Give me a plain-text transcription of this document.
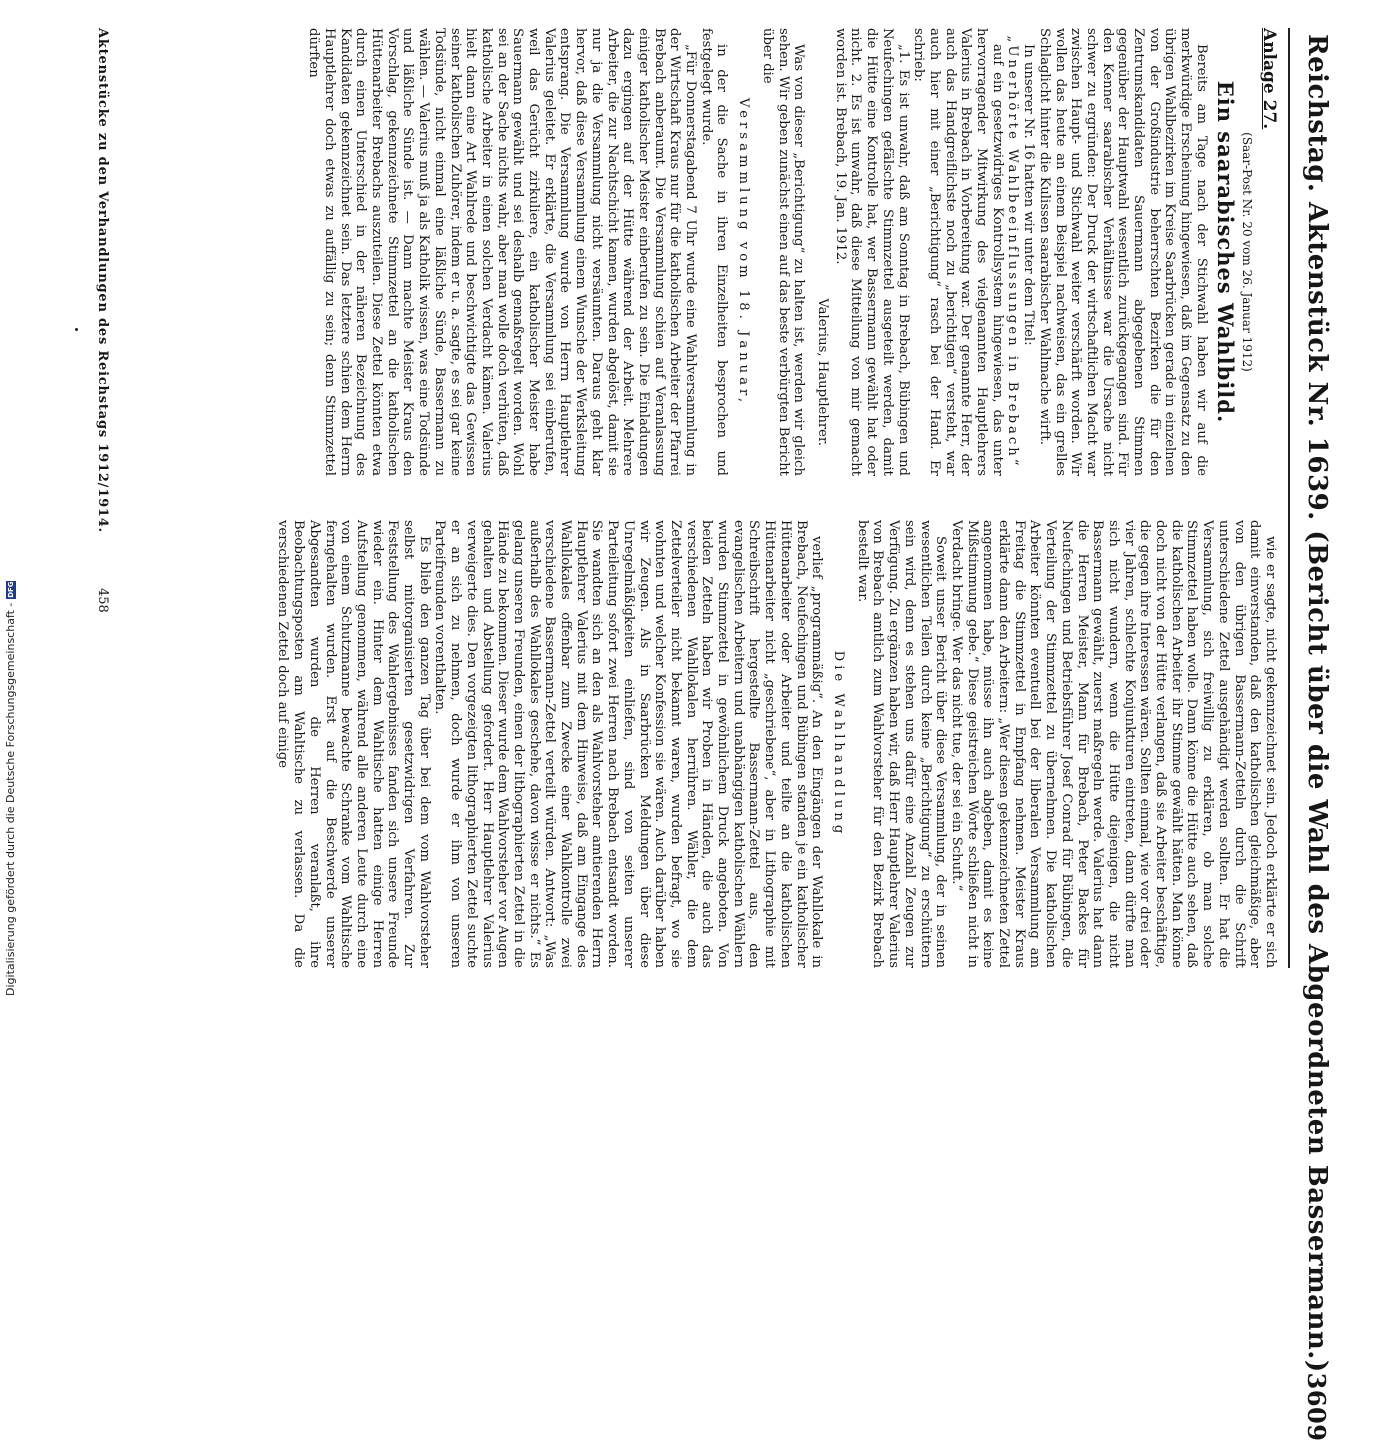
Reichstag. Aktenstück Nr. 1639. (Bericht über die Wahl des Abgeordneten Bassermann.)
3609
Anlage 27.
(Saar-Post Nr. 20 vom 26. Januar 1912)
Ein saarabisches Wahlbild.

Bereits am Tage nach der Stichwahl haben wir auf die merkwürdige Erscheinung hingewiesen, daß im Gegensatz zu den übrigen Wahlbezirken im Kreise Saarbrücken gerade in einzelnen von der Großindustrie beherrschten Bezirken die für den Zentrumskandidaten Sauermann abgegebenen Stimmen gegenüber der Hauptwahl wesentlich zurückgegangen sind. Für den Kenner saarabischer Verhältnisse war die Ursache nicht schwer zu ergründen: Der Druck der wirtschaftlichen Macht war zwischen Haupt- und Stichwahl weiter verschärft worden. Wir wollen das heute an einem Beispiel nachweisen, das ein grelles Schlaglicht hinter die Kulissen saarabischer Wahlmache wirft.

In unserer Nr. 16 hatten wir unter dem Titel:

„Unerhörte Wahlbeeinflussungen in Brebach“

auf ein gesetzwidriges Kontrollsystem hingewiesen, das unter hervorragender Mitwirkung des vielgenannten Hauptlehrers Valerius in Brebach in Vorbereitung war. Der genannte Herr, der auch das Handgreiflichste noch zu „berichtigen“ versteht, war auch hier mit einer „Berichtigung“ rasch bei der Hand. Er schrieb:

„1. Es ist unwahr, daß am Sonntag in Brebach, Bübingen und Neufechingen gefälschte Stimmzettel ausgeteilt werden, damit die Hütte eine Kontrolle hat, wer Bassermann gewählt hat oder nicht. 2. Es ist unwahr, daß diese Mitteilung von mir gemacht worden ist. Brebach, 19. Jan. 1912.

Valerius, Hauptlehrer.

Was von dieser „Berichtigung“ zu halten ist, werden wir gleich sehen. Wir geben zunächst einen auf das beste verbürgten Bericht über die

Versammlung vom 18. Januar,

in der die Sache in ihren Einzelheiten besprochen und festgelegt wurde.

„Für Donnerstagabend 7 Uhr wurde eine Wahlversammlung in der Wirtschaft Kraus nur für die katholischen Arbeiter der Pfarrei Brebach anberaumt. Die Versammlung schien auf Veranlassung einiger katholischer Meister einberufen zu sein. Die Einladungen dazu ergingen auf der Hütte während der Arbeit. Mehrere Arbeiter, die zur Nachtschicht kamen, wurden abgelöst, damit sie nur ja die Versammlung nicht versäumten. Daraus geht klar hervor, daß diese Versammlung einem Wunsche der Werksleitung entsprang. Die Versammlung wurde von Herrn Hauptlehrer Valerius geleitet. Er erklärte, die Versammlung sei einberufen, weil das Gerücht zirkuliere, ein katholischer Meister habe Sauermann gewählt und sei deshalb gemaßregelt worden. Wohl sei an der Sache nichts wahr, aber man wolle doch verhüten, daß katholische Arbeiter in einen solchen Verdacht kämen. Valerius hielt dann eine Art Wahlrede und beschwichtigte das Gewissen seiner katholischen Zuhörer, indem er u. a. sagte, es sei gar keine Todsünde, nicht einmal eine läßliche Sünde, Bassermann zu wählen. — Valerius muß ja als Katholik wissen, was eine Todsünde und läßliche Sünde ist. — Dann machte Meister Kraus den Vorschlag, gekennzeichnete Stimmzettel an die katholischen Hüttenarbeiter Brebachs auszuteilen. Diese Zettel könnten etwa durch einen Unterschied in der näheren Bezeichnung des Kandidaten gekennzeichnet sein. Das letztere schien dem Herrn Hauptlehrer doch etwas zu auffällig zu sein; denn Stimmzettel dürften

wie er sagte, nicht gekennzeichnet sein. Jedoch erklärte er sich damit einverstanden, daß den katholischen gleichmäßige, aber von den übrigen Bassermann-Zetteln durch die Schrift unterschiedene Zettel ausgehändigt werden sollten. Er hat die Versammlung, sich freiwillig zu erklären, ob man solche Stimmzettel haben wolle. Dann könne die Hütte auch sehen, daß die katholischen Arbeiter ihr Stimme gewählt hätten. Man könne doch nicht von der Hütte verlangen, daß sie Arbeiter beschäftige, die gegen ihre Interessen wären. Sollten einmal, wie vor drei oder vier Jahren, schlechte Konjunkturen eintreten, dann dürfte man sich nicht wundern, wenn die Hütte diejenigen, die nicht Bassermann gewählt, zuerst maßregeln werde. Valerius hat dann die Herren Meister, Mann für Brebach, Peter Backes für Neufechingen und Betriebsführer Josef Conrad für Bübingen, die Verteilung der Stimmzettel zu übernehmen. Die katholischen Arbeiter könnten eventuell bei der liberalen Versammlung am Freitag die Stimmzettel in Empfang nehmen. Meister Kraus erklärte dann den Arbeitern: „Wer diesen gekennzeichneten Zettel angenommen habe, müsse ihn auch abgeben, damit es keine Mißstimmung gebe.“ Diese geistreichen Worte schließen nicht in Verdacht bringe. Wer das nicht tue, der sei ein Schuft.“

Soweit unser Bericht über diese Versammlung, der in seinen wesentlichen Teilen durch keine „Berichtigung“ zu erschüttern sein wird, denn es stehen uns dafür eine Anzahl Zeugen zur Verfügung. Zu ergänzen haben wir, daß Herr Hauptlehrer Valerius von Brebach amtlich zum Wahlvorsteher für den Bezirk Brebach bestellt war.

Die Wahlhandlung

verlief „programmäßig“. An den Eingängen der Wahllokale in Brebach, Neufechingen und Bübingen standen je ein katholischer Hüttenarbeiter oder Arbeiter und teilte an die katholischen Hüttenarbeiter nicht „geschriebene“, aber in Lithographie mit Schreibschrift hergestellte Bassermann-Zettel aus, den evangelischen Arbeitern und unabhängigen katholischen Wählern wurden Stimmzettel in gewöhnlichem Druck angeboten. Von beiden Zetteln haben wir Proben in Händen, die auch das verschiedenen Wahllokalen herrühren. Wähler, die dem Zettelverteiler nicht bekannt waren, wurden befragt, wo sie wohnten und welcher Konfession sie wären. Auch darüber haben wir Zeugen. Als in Saarbrücken Meldungen über diese Unregelmäßigkeiten einliefen, sind von seiten unserer Parteileitung sofort zwei Herren nach Brebach entsandt worden. Sie wandten sich an den als Wahlvorsteher amtierenden Herrn Hauptlehrer Valerius mit dem Hinweise, daß am Eingange des Wahllokales offenbar zum Zwecke einer Wahlkontrolle zwei verschiedene Bassermann-Zettel verteilt würden. Antwort: „Was außerhalb des Wahllokales geschehe, davon wisse er nichts.“ Es gelang unseren Freunden, einen der lithographierten Zettel in die Hände zu bekommen. Dieser wurde dem Wahlvorsteher vor Augen gehalten und Abstellung gefordert. Herr Hauptlehrer Valerius verweigerte dies. Den vorgezeigten lithographierten Zettel suchte er an sich zu nehmen, doch wurde er ihm von unseren Parteifreunden vorenthalten.

Es blieb den ganzen Tag über bei dem vom Wahlvorsteher selbst mitorganisierten gesetzwidrigen Verfahren. Zur Feststellung des Wahlergebnisses fanden sich unsere Freunde wieder ein. Hinter dem Wahltische hatten einige Herren Aufstellung genommen, während alle anderen Leute durch eine von einem Schutzmanne bewachte Schranke vom Wahltische ferngehalten wurden. Erst auf die Beschwerde unserer Abgesandten wurden die Herren veranlaßt, ihre Beobachtungsposten am Wahltische zu verlassen. Da die verschiedenen Zettel doch auf einige

Aktenstücke zu den Verhandlungen des Reichstags 1912/1914.
458
Digitalisierung gefördert durch die Deutsche Forschungsgemeinschaft -
DFG
